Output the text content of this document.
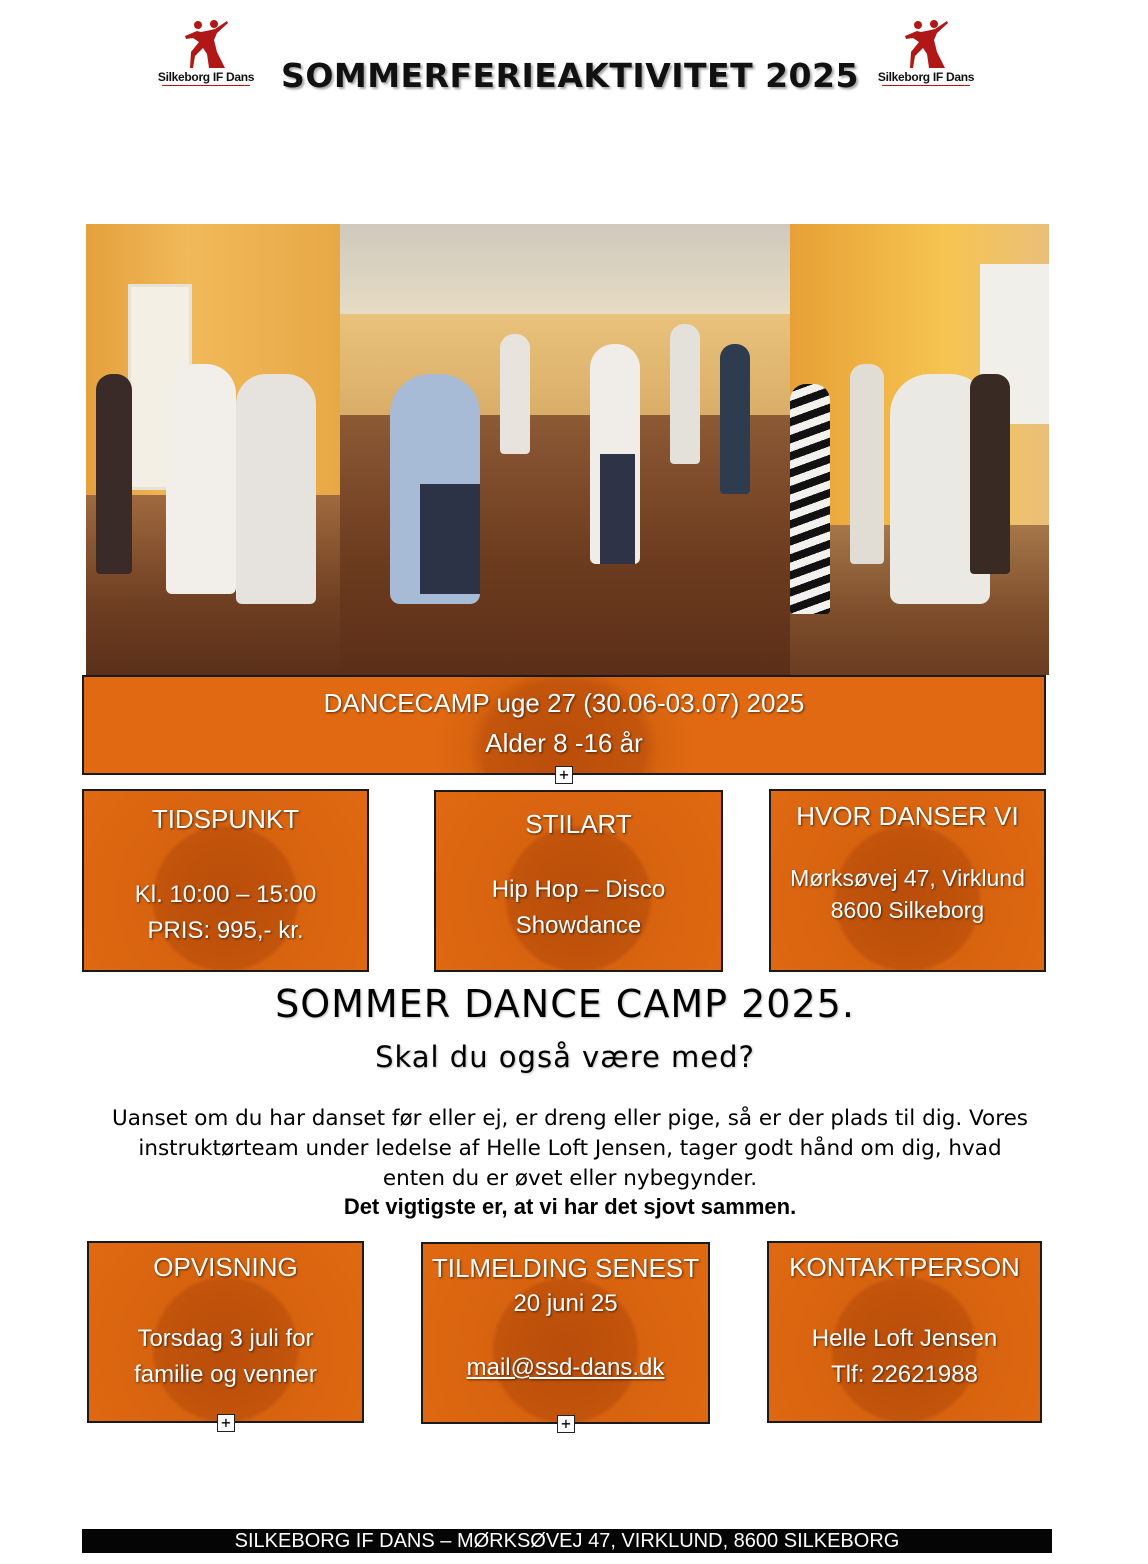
Silkeborg IF Dans	Silkeborg IF Dans
SOMMERFERIEAKTIVITET 2025
DANCECAMP uge 27 (30.06-03.07) 2025
Alder 8 -16 år
+
TIDSPUNKT
Kl. 10:00 – 15:00
PRIS: 995,- kr.
STILART
Hip Hop – Disco
Showdance
HVOR DANSER VI
Mørksøvej 47, Virklund
8600 Silkeborg
SOMMER DANCE CAMP 2025.
Skal du også være med?
Uanset om du har danset før eller ej, er dreng eller pige, så er der plads til dig. Vores
instruktørteam under ledelse af Helle Loft Jensen, tager godt hånd om dig, hvad
enten du er øvet eller nybegynder.
Det vigtigste er, at vi har det sjovt sammen.
OPVISNING
Torsdag 3 juli for
familie og venner
+
TILMELDING SENEST
20 juni 25
mail@ssd-dans.dk
+
KONTAKTPERSON
Helle Loft Jensen
Tlf: 22621988
SILKEBORG IF DANS – MØRKSØVEJ 47, VIRKLUND, 8600 SILKEBORG
